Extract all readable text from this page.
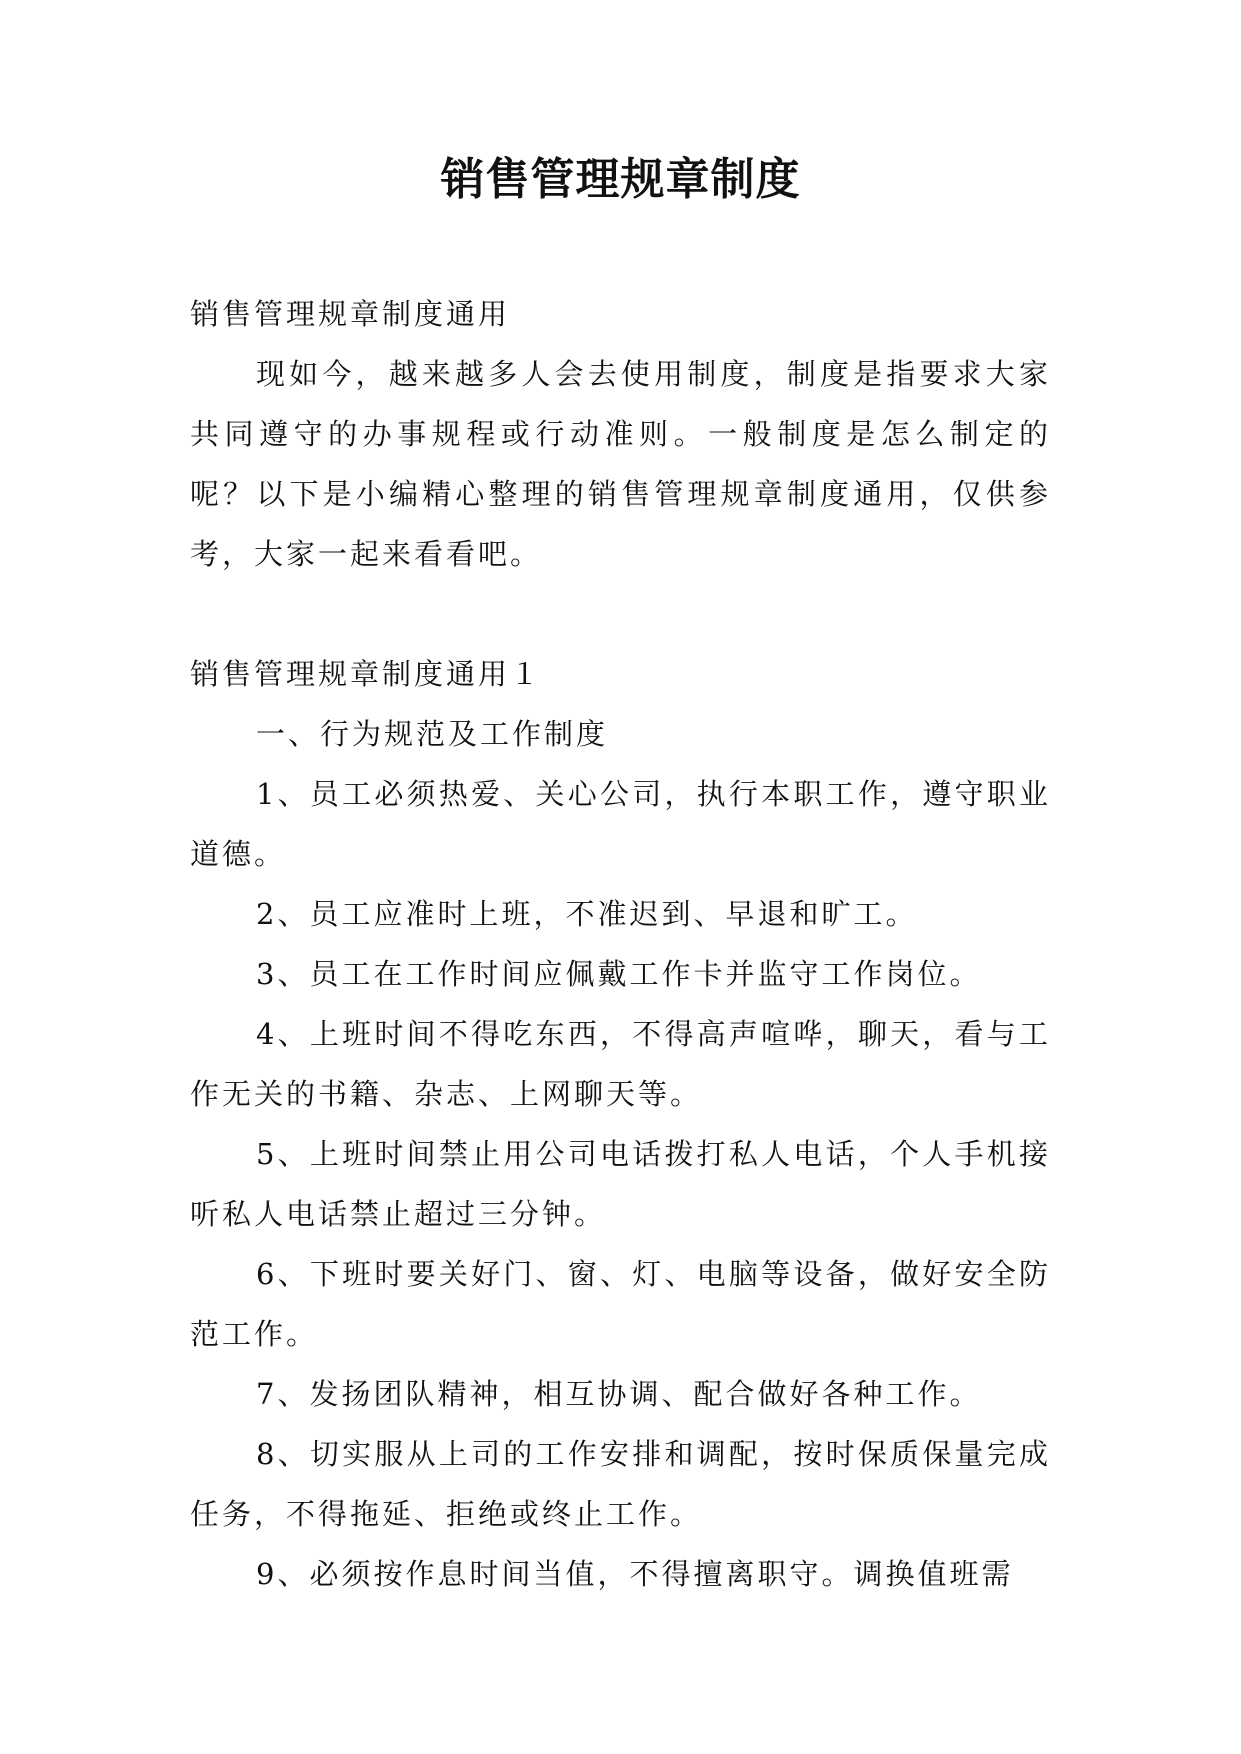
销售管理规章制度

销售管理规章制度通用

现如今，越来越多人会去使用制度，制度是指要求大家共同遵守的办事规程或行动准则。一般制度是怎么制定的呢？以下是小编精心整理的销售管理规章制度通用，仅供参考，大家一起来看看吧。

销售管理规章制度通用１

一、行为规范及工作制度

1、员工必须热爱、关心公司，执行本职工作，遵守职业道德。

2、员工应准时上班，不准迟到、早退和旷工。

3、员工在工作时间应佩戴工作卡并监守工作岗位。

4、上班时间不得吃东西，不得高声喧哗，聊天，看与工作无关的书籍、杂志、上网聊天等。

5、上班时间禁止用公司电话拨打私人电话，个人手机接听私人电话禁止超过三分钟。

6、下班时要关好门、窗、灯、电脑等设备，做好安全防范工作。

7、发扬团队精神，相互协调、配合做好各种工作。

8、切实服从上司的工作安排和调配，按时保质保量完成任务，不得拖延、拒绝或终止工作。

9、必须按作息时间当值，不得擅离职守。调换值班需
